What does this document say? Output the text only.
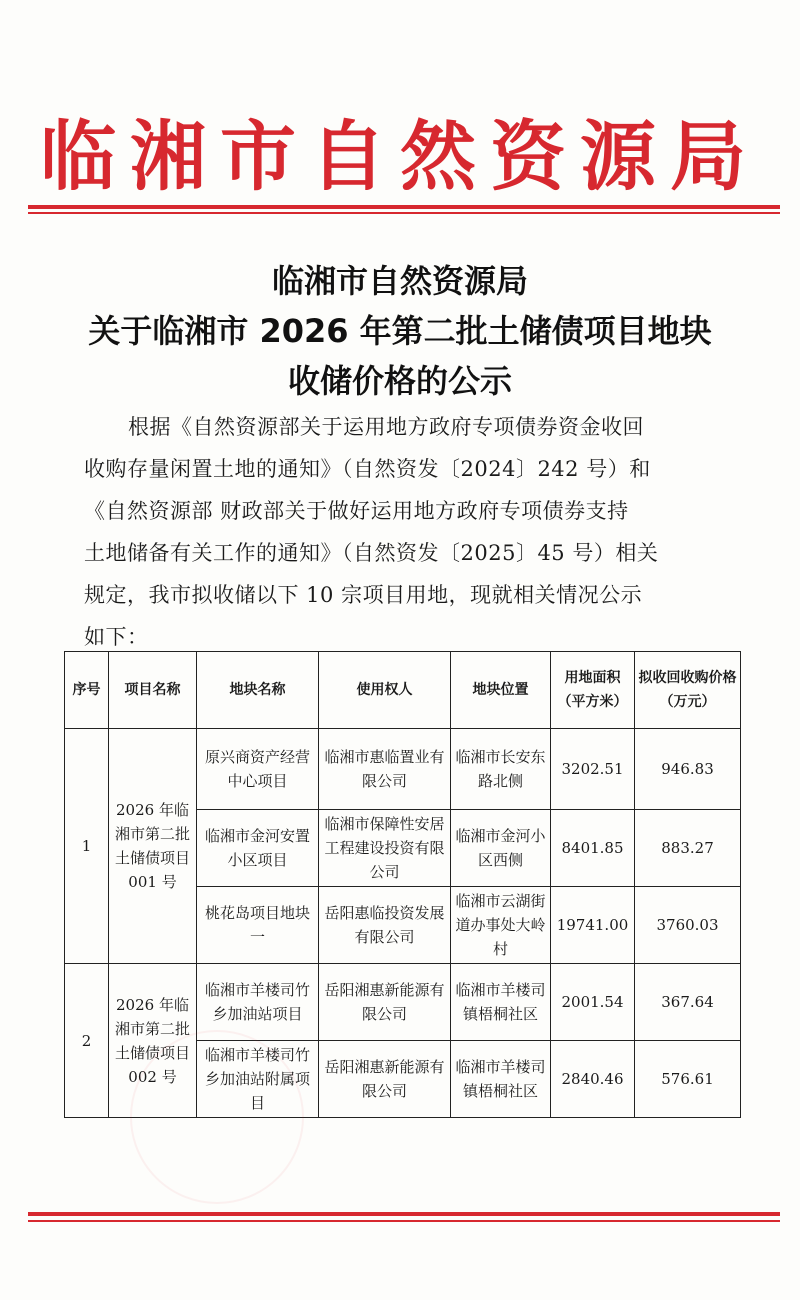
临湘市自然资源局
临湘市自然资源局
关于临湘市 2026 年第二批土储债项目地块
收储价格的公示
根据《自然资源部关于运用地方政府专项债券资金收回
收购存量闲置土地的通知》（自然资发〔2024〕242 号）和
《自然资源部 财政部关于做好运用地方政府专项债券支持
土地储备有关工作的通知》（自然资发〔2025〕45 号）相关
规定，我市拟收储以下 10 宗项目用地，现就相关情况公示
如下：
序号	项目名称	地块名称	使用权人	地块位置	用地面积（平方米）	拟收回收购价格（万元）
1	2026 年临湘市第二批土储债项目 001 号	原兴商资产经营中心项目	临湘市惠临置业有限公司	临湘市长安东路北侧	3202.51	946.83
		临湘市金河安置小区项目	临湘市保障性安居工程建设投资有限公司	临湘市金河小区西侧	8401.85	883.27
		桃花岛项目地块一	岳阳惠临投资发展有限公司	临湘市云湖街道办事处大岭村	19741.00	3760.03
2	2026 年临湘市第二批土储债项目 002 号	临湘市羊楼司竹乡加油站项目	岳阳湘惠新能源有限公司	临湘市羊楼司镇梧桐社区	2001.54	367.64
		临湘市羊楼司竹乡加油站附属项目	岳阳湘惠新能源有限公司	临湘市羊楼司镇梧桐社区	2840.46	576.61
